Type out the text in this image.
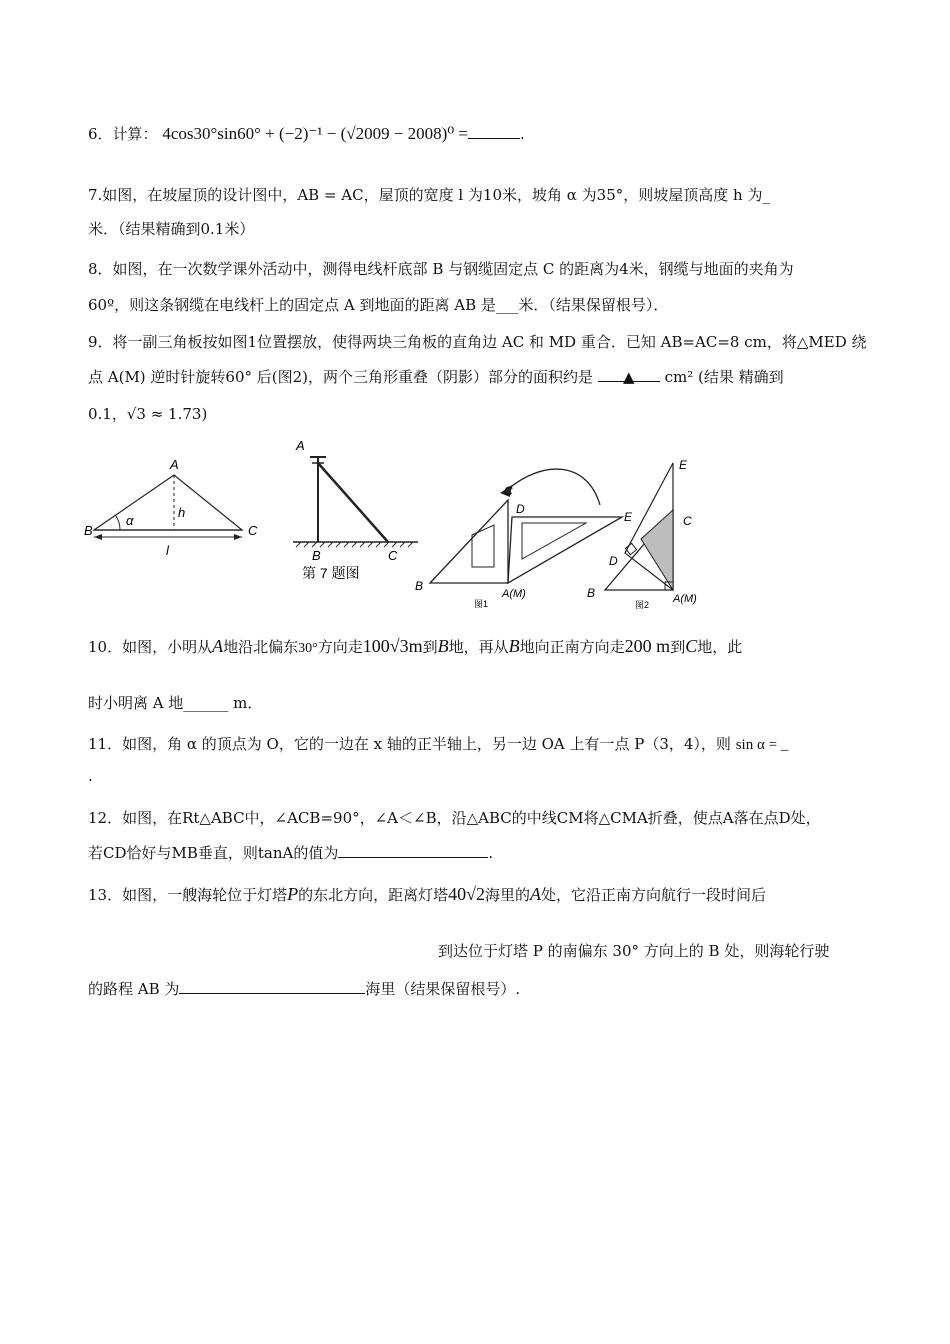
6．计算： 4cos30°sin60° + (−2)⁻¹ − (√2009 − 2008)⁰ =	.
7.如图，在坡屋顶的设计图中，AB = AC，屋顶的宽度 l 为10米，坡角 α 为35°，则坡屋顶高度 h 为_
米．（结果精确到0.1米）
8．如图，在一次数学课外活动中，测得电线杆底部 B 与钢缆固定点 C 的距离为4米，钢缆与地面的夹角为
60º，则这条钢缆在电线杆上的固定点 A 到地面的距离 AB 是___米．（结果保留根号）．
9．将一副三角板按如图1位置摆放，使得两块三角板的直角边 AC 和 MD 重合．已知 AB=AC=8 cm，将△MED 绕
点 A(M) 逆时针旋转60° 后(图2)，两个三角形重叠（阴影）部分的面积约是 ▲ cm² (结果 精确到
0.1，√3 ≈ 1.73)
A
B	C
α
h
l
A
B	C
第 7 题图
B
C
D
E
A(M)
图1
E
C
D
B	A(M)
图2
10．如图，小明从A地沿北偏东30°方向走100√3m到B地，再从B地向正南方向走200 m到C地，此
时小明离 A 地______ m．
11．如图，角 α 的顶点为 O，它的一边在 x 轴的正半轴上，另一边 OA 上有一点 P（3，4），则 sin α = _
.
12．如图，在Rt△ABC中，∠ACB=90°，∠A＜∠B，沿△ABC的中线CM将△CMA折叠，使点A落在点D处，
若CD恰好与MB垂直，则tanA的值为	.
13．如图，一艘海轮位于灯塔P的东北方向，距离灯塔40√2海里的A处，它沿正南方向航行一段时间后
到达位于灯塔 P 的南偏东 30° 方向上的 B 处，则海轮行驶
的路程 AB 为	海里（结果保留根号）.
